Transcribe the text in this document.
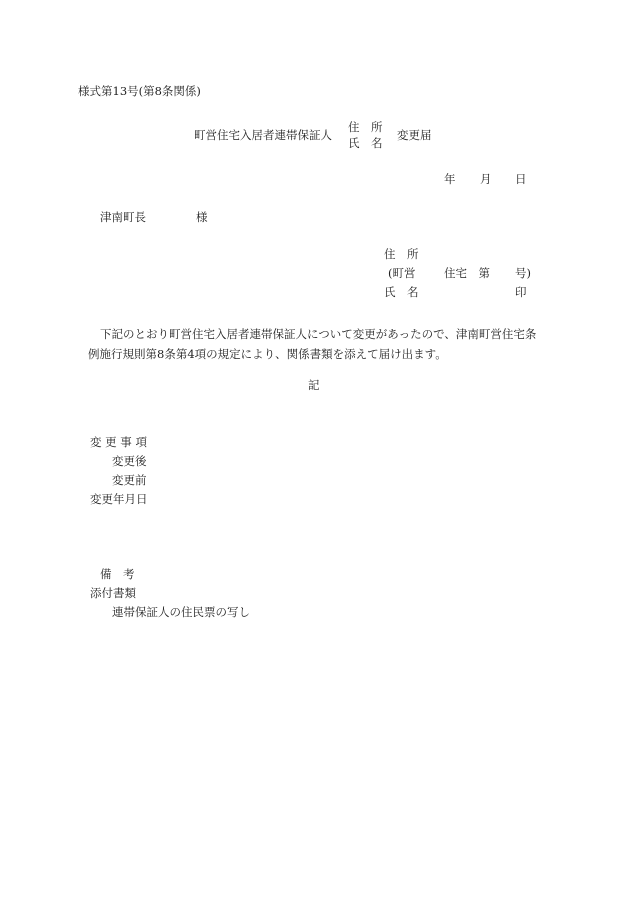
様式第13号(第8条関係)
町営住宅入居者連帯保証人
住　所
氏　名
変更届
年 月 日
津南町長	様
住　所
(町営 住宅　第 号)
氏　名	印
下記のとおり町営住宅入居者連帯保証人について変更があったので、津南町営住宅条
例施行規則第8条第4項の規定により、関係書類を添えて届け出ます。
記
変 更 事 項
変更後
変更前
変更年月日
備　考
添付書類
連帯保証人の住民票の写し
